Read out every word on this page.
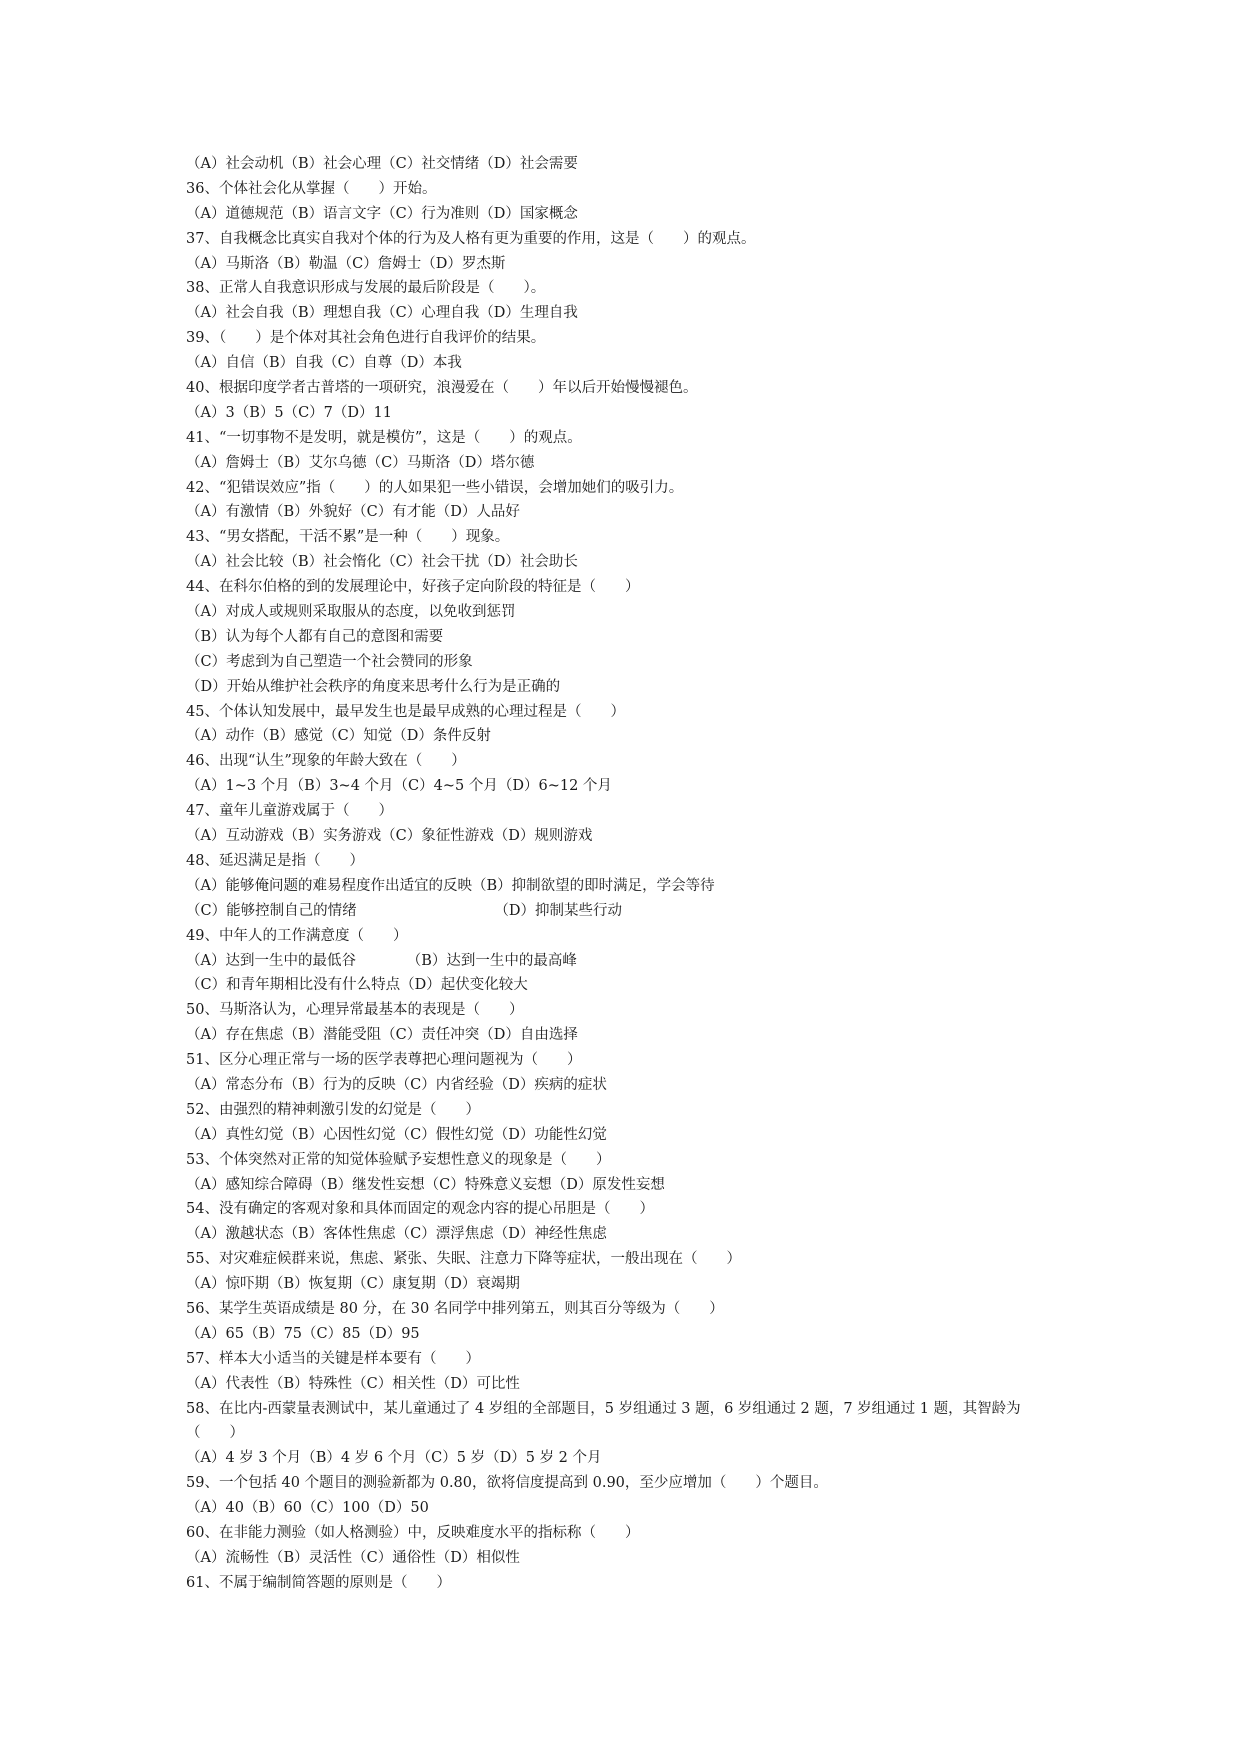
（A）社会动机（B）社会心理（C）社交情绪（D）社会需要
36、个体社会化从掌握（　　）开始。
（A）道德规范（B）语言文字（C）行为准则（D）国家概念
37、自我概念比真实自我对个体的行为及人格有更为重要的作用，这是（　　）的观点。
（A）马斯洛（B）勒温（C）詹姆士（D）罗杰斯
38、正常人自我意识形成与发展的最后阶段是（　　）。
（A）社会自我（B）理想自我（C）心理自我（D）生理自我
39、（　　）是个体对其社会角色进行自我评价的结果。
（A）自信（B）自我（C）自尊（D）本我
40、根据印度学者古普塔的一项研究，浪漫爱在（　　）年以后开始慢慢褪色。
（A）3（B）5（C）7（D）11
41、“一切事物不是发明，就是模仿”，这是（　　）的观点。
（A）詹姆士（B）艾尔乌德（C）马斯洛（D）塔尔德
42、“犯错误效应”指（　　）的人如果犯一些小错误，会增加她们的吸引力。
（A）有激情（B）外貌好（C）有才能（D）人品好
43、“男女搭配，干活不累”是一种（　　）现象。
（A）社会比较（B）社会惰化（C）社会干扰（D）社会助长
44、在科尔伯格的到的发展理论中，好孩子定向阶段的特征是（　　）
（A）对成人或规则采取服从的态度，以免收到惩罚
（B）认为每个人都有自己的意图和需要
（C）考虑到为自己塑造一个社会赞同的形象
（D）开始从维护社会秩序的角度来思考什么行为是正确的
45、个体认知发展中，最早发生也是最早成熟的心理过程是（　　）
（A）动作（B）感觉（C）知觉（D）条件反射
46、出现“认生”现象的年龄大致在（　　）
（A）1~3 个月（B）3~4 个月（C）4~5 个月（D）6~12 个月
47、童年儿童游戏属于（　　）
（A）互动游戏（B）实务游戏（C）象征性游戏（D）规则游戏
48、延迟满足是指（　　）
（A）能够俺问题的难易程度作出适宜的反映（B）抑制欲望的即时满足，学会等待
（C）能够控制自己的情绪　　　　　　　　　　（D）抑制某些行动
49、中年人的工作满意度（　　）
（A）达到一生中的最低谷　　　　（B）达到一生中的最高峰
（C）和青年期相比没有什么特点（D）起伏变化较大
50、马斯洛认为，心理异常最基本的表现是（　　）
（A）存在焦虑（B）潜能受阻（C）责任冲突（D）自由选择
51、区分心理正常与一场的医学表尊把心理问题视为（　　）
（A）常态分布（B）行为的反映（C）内省经验（D）疾病的症状
52、由强烈的精神刺激引发的幻觉是（　　）
（A）真性幻觉（B）心因性幻觉（C）假性幻觉（D）功能性幻觉
53、个体突然对正常的知觉体验赋予妄想性意义的现象是（　　）
（A）感知综合障碍（B）继发性妄想（C）特殊意义妄想（D）原发性妄想
54、没有确定的客观对象和具体而固定的观念内容的提心吊胆是（　　）
（A）激越状态（B）客体性焦虑（C）漂浮焦虑（D）神经性焦虑
55、对灾难症候群来说，焦虑、紧张、失眠、注意力下降等症状，一般出现在（　　）
（A）惊吓期（B）恢复期（C）康复期（D）衰竭期
56、某学生英语成绩是 80 分，在 30 名同学中排列第五，则其百分等级为（　　）
（A）65（B）75（C）85（D）95
57、样本大小适当的关键是样本要有（　　）
（A）代表性（B）特殊性（C）相关性（D）可比性
58、在比内-西蒙量表测试中，某儿童通过了 4 岁组的全部题目，5 岁组通过 3 题，6 岁组通过 2 题，7 岁组通过 1 题，其智龄为
（　　）
（A）4 岁 3 个月（B）4 岁 6 个月（C）5 岁（D）5 岁 2 个月
59、一个包括 40 个题目的测验新都为 0.80，欲将信度提高到 0.90，至少应增加（　　）个题目。
（A）40（B）60（C）100（D）50
60、在非能力测验（如人格测验）中，反映难度水平的指标称（　　）
（A）流畅性（B）灵活性（C）通俗性（D）相似性
61、不属于编制简答题的原则是（　　）
